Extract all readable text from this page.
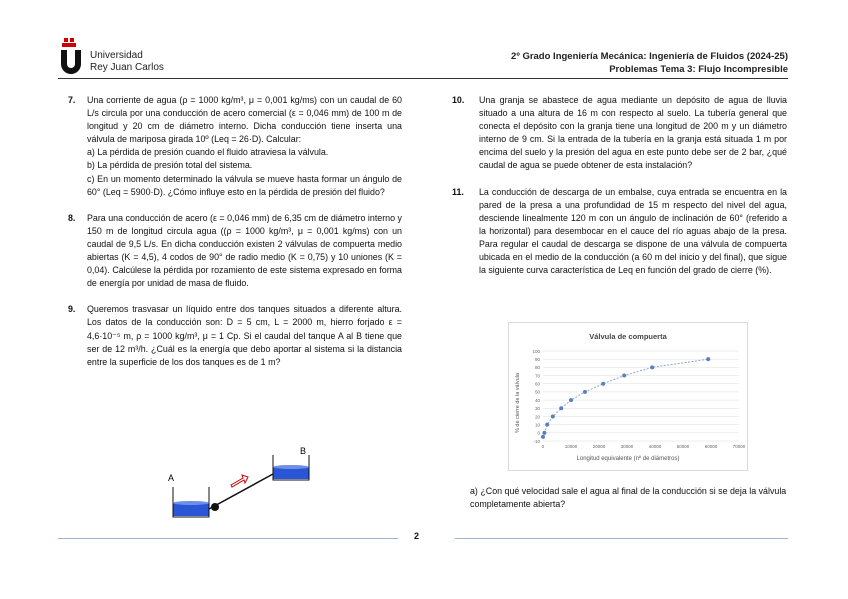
Universidad
Rey Juan Carlos
2º Grado Ingeniería Mecánica: Ingeniería de Fluidos (2024-25)
Problemas Tema 3: Flujo Incompresible
7. Una corriente de agua (ρ = 1000 kg/m³, μ = 0,001 kg/ms) con un caudal de 60 L/s circula por una conducción de acero comercial (ε = 0,046 mm) de 100 m de longitud y 20 cm de diámetro interno. Dicha conducción tiene inserta una válvula de mariposa girada 10º (Leq = 26·D). Calcular:
a) La pérdida de presión cuando el fluido atraviesa la válvula.
b) La pérdida de presión total del sistema.
c) En un momento determinado la válvula se mueve hasta formar un ángulo de 60° (Leq = 5900·D). ¿Cómo influye esto en la pérdida de presión del fluido?
8. Para una conducción de acero (ε = 0,046 mm) de 6,35 cm de diámetro interno y 150 m de longitud circula agua ((ρ = 1000 kg/m³, μ = 0,001 kg/ms) con un caudal de 9,5 L/s. En dicha conducción existen 2 válvulas de compuerta medio abiertas (K = 4,5), 4 codos de 90° de radio medio (K = 0,75) y 10 uniones (K = 0,04). Calcúlese la pérdida por rozamiento de este sistema expresado en forma de energía por unidad de masa de fluido.
9. Queremos trasvasar un líquido entre dos tanques situados a diferente altura. Los datos de la conducción son: D = 5 cm, L = 2000 m, hierro forjado ε = 4,6·10⁻⁵ m, ρ = 1000 kg/m³, μ = 1 Cp. Si el caudal del tanque A al B tiene que ser de 12 m³/h. ¿Cuál es la energía que debo aportar al sistema si la distancia entre la superficie de los dos tanques es de 1 m?
A
B
10. Una granja se abastece de agua mediante un depósito de agua de lluvia situado a una altura de 16 m con respecto al suelo. La tubería general que conecta el depósito con la granja tiene una longitud de 200 m y un diámetro interno de 9 cm. Si la entrada de la tubería en la granja está situada 1 m por encima del suelo y la presión del agua en este punto debe ser de 2 bar, ¿qué caudal de agua se puede obtener de esta instalación?
11. La conducción de descarga de un embalse, cuya entrada se encuentra en la pared de la presa a una profundidad de 15 m respecto del nivel del agua, desciende linealmente 120 m con un ángulo de inclinación de 60° (referido a la horizontal) para desembocar en el cauce del río aguas abajo de la presa. Para regular el caudal de descarga se dispone de una válvula de compuerta ubicada en el medio de la conducción (a 60 m del inicio y del final), que sigue la siguiente curva característica de Leq en función del grado de cierre (%).
Válvula de compuerta
-10
0
10
20
30
40
50
60
70
80
90
100
0	10000	20000	30000	40000	50000	60000	70000
% de cierre de la válvula
Longitud equivalente (nº de diámetros)
a) ¿Con qué velocidad sale el agua al final de la conducción si se deja la válvula completamente abierta?
2
